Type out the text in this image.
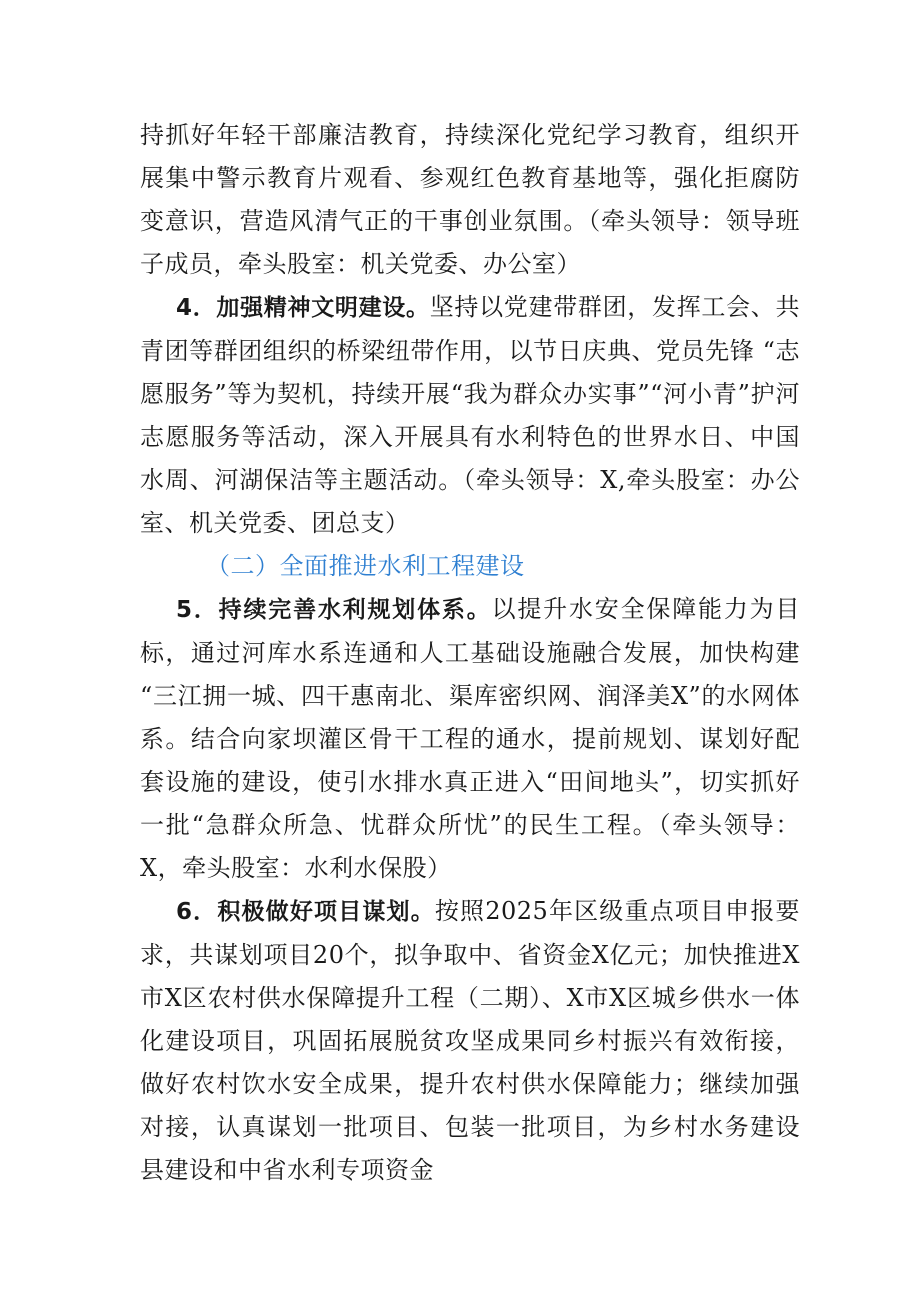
持抓好年轻干部廉洁教育，持续深化党纪学习教育，组织开展集中警示教育片观看、参观红色教育基地等，强化拒腐防变意识，营造风清气正的干事创业氛围。（牵头领导：领导班子成员，牵头股室：机关党委、办公室）

4．加强精神文明建设。坚持以党建带群团，发挥工会、共青团等群团组织的桥梁纽带作用，以节日庆典、党员先锋 “志愿服务”等为契机，持续开展“我为群众办实事”“河小青”护河志愿服务等活动，深入开展具有水利特色的世界水日、中国水周、河湖保洁等主题活动。（牵头领导：X,牵头股室：办公室、机关党委、团总支）

（二）全面推进水利工程建设

5．持续完善水利规划体系。以提升水安全保障能力为目标，通过河库水系连通和人工基础设施融合发展，加快构建 “三江拥一城、四干惠南北、渠库密织网、润泽美X”的水网体系。结合向家坝灌区骨干工程的通水，提前规划、谋划好配套设施的建设，使引水排水真正进入“田间地头”，切实抓好一批“急群众所急、忧群众所忧”的民生工程。（牵头领导：X，牵头股室：水利水保股）

6．积极做好项目谋划。按照2025年区级重点项目申报要求，共谋划项目20个，拟争取中、省资金X亿元；加快推进X市X区农村供水保障提升工程（二期）、X市X区城乡供水一体化建设项目，巩固拓展脱贫攻坚成果同乡村振兴有效衔接，做好农村饮水安全成果，提升农村供水保障能力；继续加强对接，认真谋划一批项目、包装一批项目，为乡村水务建设县建设和中省水利专项资金
